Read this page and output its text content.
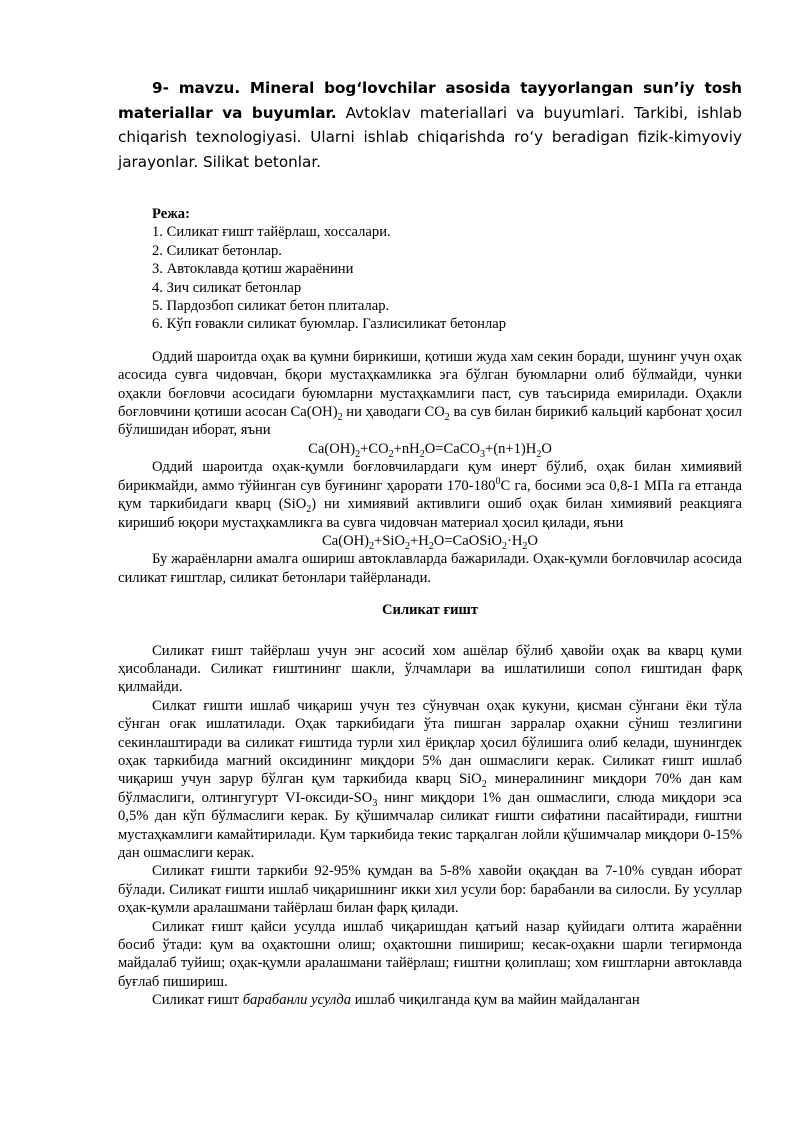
9- mavzu. Mineral bog‘lovchilar asosida tayyorlangan sun’iy tosh materiallar va buyumlar. Avtoklav materiallari va buyumlari. Tarkibi, ishlab chiqarish texnologiyasi. Ularni ishlab chiqarishda ro‘y beradigan fizik-kimyoviy jarayonlar. Silikat betonlar.
Режа:
1. Силикат ғишт тайёрлаш, хоссалари.
2. Силикат бетонлар.
3. Автоклавда қотиш жараёнини
4. Зич силикат бетонлар
5. Пардозбоп силикат бетон плиталар.
6. Кўп ғовакли силикат буюмлар. Газлисиликат бетонлар

Оддий шароитда оҳак ва қумни бирикиши, қотиши жуда хам секин боради, шунинг учун оҳак асосида сувга чидовчан, бқори мустаҳкамликка эга бўлган буюмларни олиб бўлмайди, чунки оҳакли боғловчи асосидаги буюмларни мустаҳкамлиги паст, сув таъсирида емирилади. Оҳакли боғловчини қотиши асосан $Ca(OH)_2$ ни ҳаводаги $CO_2$ ва сув билан бирикиб кальций карбонат ҳосил бўлишидан иборат, яъни

$Ca(OH)_2+CO_2+nH_2O=CaCO_3+(n+1)H_2O$

Оддий шароитда оҳак-қумли боғловчилардаги қум инерт бўлиб, оҳак билан химиявий бирикмайди, аммо тўйинган сув буғининг ҳарорати $170-180^0С$ га, босими эса 0,8-1 МПа га етганда қум таркибидаги кварц (SiO$_2$) ни химиявий активлиги ошиб оҳак билан химиявий реакцияга киришиб юқори мустаҳкамликга ва сувга чидовчан материал ҳосил қилади, яъни

$Ca(OH)_2+SiO_2+H_2O=CaOSiO_2\cdot H_2O$

Бу жараёнларни амалга ошириш автоклавларда бажарилади. Оҳак-қумли боғловчилар асосида силикат ғиштлар, силикат бетонлари тайёрланади.

Силикат ғишт

Силикат ғишт тайёрлаш учун энг асосий хом ашёлар бўлиб ҳавойи оҳак ва кварц қуми ҳисобланади. Силикат ғиштининг шакли, ўлчамлари ва ишлатилиши сопол ғиштидан фарқ қилмайди.

Силкат ғишти ишлаб чиқариш учун тез сўнувчан оҳак кукуни, қисман сўнгани ёки тўла сўнган оғак ишлатилади. Оҳак таркибидаги ўта пишган зарралар оҳакни сўниш тезлигини секинлаштиради ва силикат ғиштида турли хил ёриқлар ҳосил бўлишига олиб келади, шунингдек оҳак таркибида магний оксидининг миқдори 5% дан ошмаслиги керак. Силикат ғишт ишлаб чиқариш учун зарур бўлган қум таркибида кварц SiO$_2$ минералининг миқдори 70% дан кам бўлмаслиги, олтингугурт $VI-оксиди-SO_3$ нинг миқдори 1% дан ошмаслиги, слюда миқдори эса 0,5% дан кўп бўлмаслиги керак. Бу қўшимчалар силикат ғишти сифатини пасайтиради, ғиштни мустаҳкамлиги камайтирилади. Қум таркибида текис тарқалган лойли қўшимчалар миқдори 0-15% дан ошмаслиги керак.

Силикат ғишти таркиби 92-95% қумдан ва 5-8% хавойи оқақдан ва 7-10% сувдан иборат бўлади. Силикат ғишти ишлаб чиқаришнинг икки хил усули бор: барабанли ва силосли. Бу усуллар оҳак-қумли аралашмани тайёрлаш билан фарқ қилади.

Силикат ғишт қайси усулда ишлаб чиқаришдан қатъий назар қуйидаги олтита жараённи босиб ўтади: қум ва оҳактошни олиш; оҳактошни пишириш; кесак-оҳакни шарли тегирмонда майдалаб туйиш; оҳак-қумли аралашмани тайёрлаш; ғиштни қолиплаш; хом ғиштларни автоклавда буғлаб пишириш.

Силикат ғишт барабанли усулда ишлаб чиқилганда қум ва майин майдаланган
